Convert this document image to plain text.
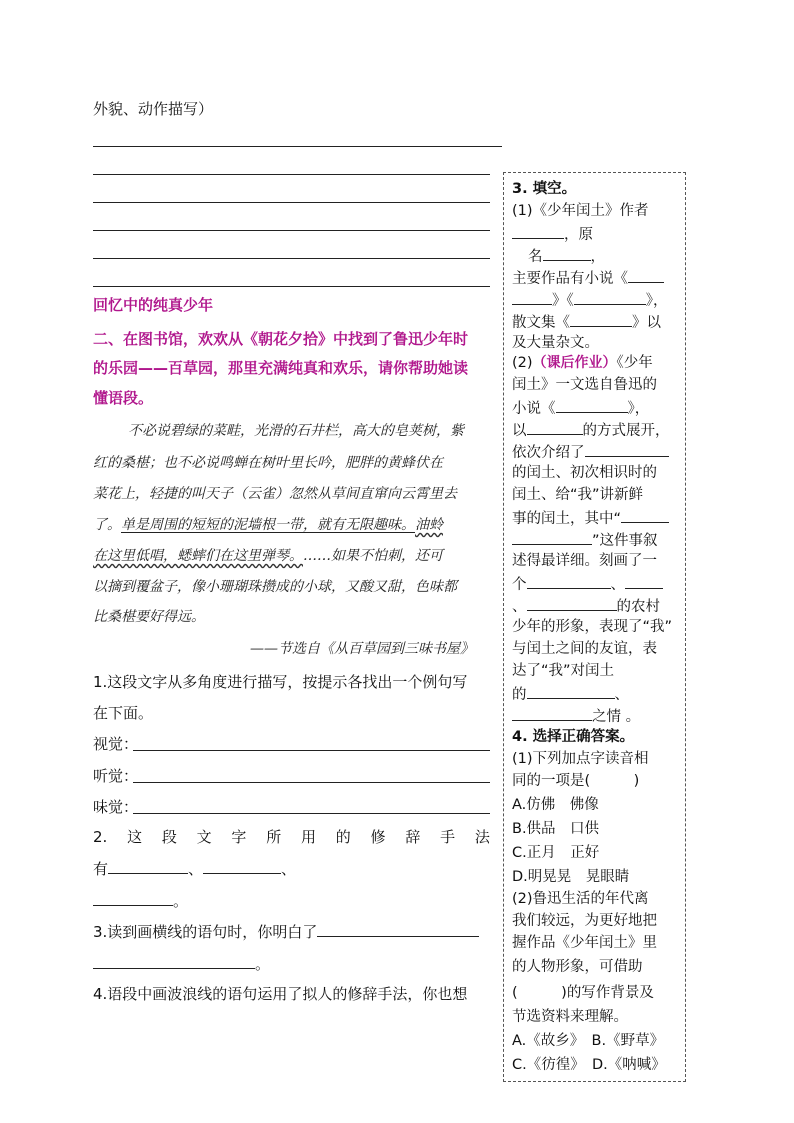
外貌、动作描写）
回忆中的纯真少年
二、在图书馆，欢欢从《朝花夕拾》中找到了鲁迅少年时
的乐园——百草园，那里充满纯真和欢乐，请你帮助她读
懂语段。
不必说碧绿的菜畦，光滑的石井栏，高大的皂荚树，紫
红的桑椹；也不必说鸣蝉在树叶里长吟，肥胖的黄蜂伏在
菜花上，轻捷的叫天子（云雀）忽然从草间直窜向云霄里去
了。单是周围的短短的泥墙根一带，就有无限趣味。油蛉
在这里低唱，蟋蟀们在这里弹琴。……如果不怕刺，还可
以摘到覆盆子，像小珊瑚珠攒成的小球，又酸又甜，色味都
比桑椹要好得远。
——节选自《从百草园到三味书屋》
1.这段文字从多角度进行描写，按提示各找出一个例句写
在下面。
视觉：
听觉：
味觉：
2. 这 段 文 字 所 用 的 修 辞 手 法
有	、	、
。
3.读到画横线的语句时，你明白了
。
4.语段中画波浪线的语句运用了拟人的修辞手法，你也想
3. 填空。
(1)《少年闰土》作者
，原
名	，
主要作品有小说《
》《	》，
散文集《	》以
及大量杂文。
(2)（课后作业）《少年
闰土》一文选自鲁迅的
小说《	》，
以	的方式展开，
依次介绍了
的闰土、初次相识时的
闰土、给“我”讲新鲜
事的闰土，其中“
”这件事叙
述得最详细。刻画了一
个	、
、	的农村
少年的形象，表现了“我”
与闰土之间的友谊，表
达了“我”对闰土
的	、
之情 。
4. 选择正确答案。
(1)下列加点字读音相
同的一项是(　　　)
A.仿佛　佛像
B.供品　口供
C.正月　正好
D.明晃晃　晃眼睛
(2)鲁迅生活的年代离
我们较远，为更好地把
握作品《少年闰土》里
的人物形象，可借助
(　　　)的写作背景及
节选资料来理解。
A.《故乡》　B.《野草》
C.《彷徨》　D.《呐喊》
